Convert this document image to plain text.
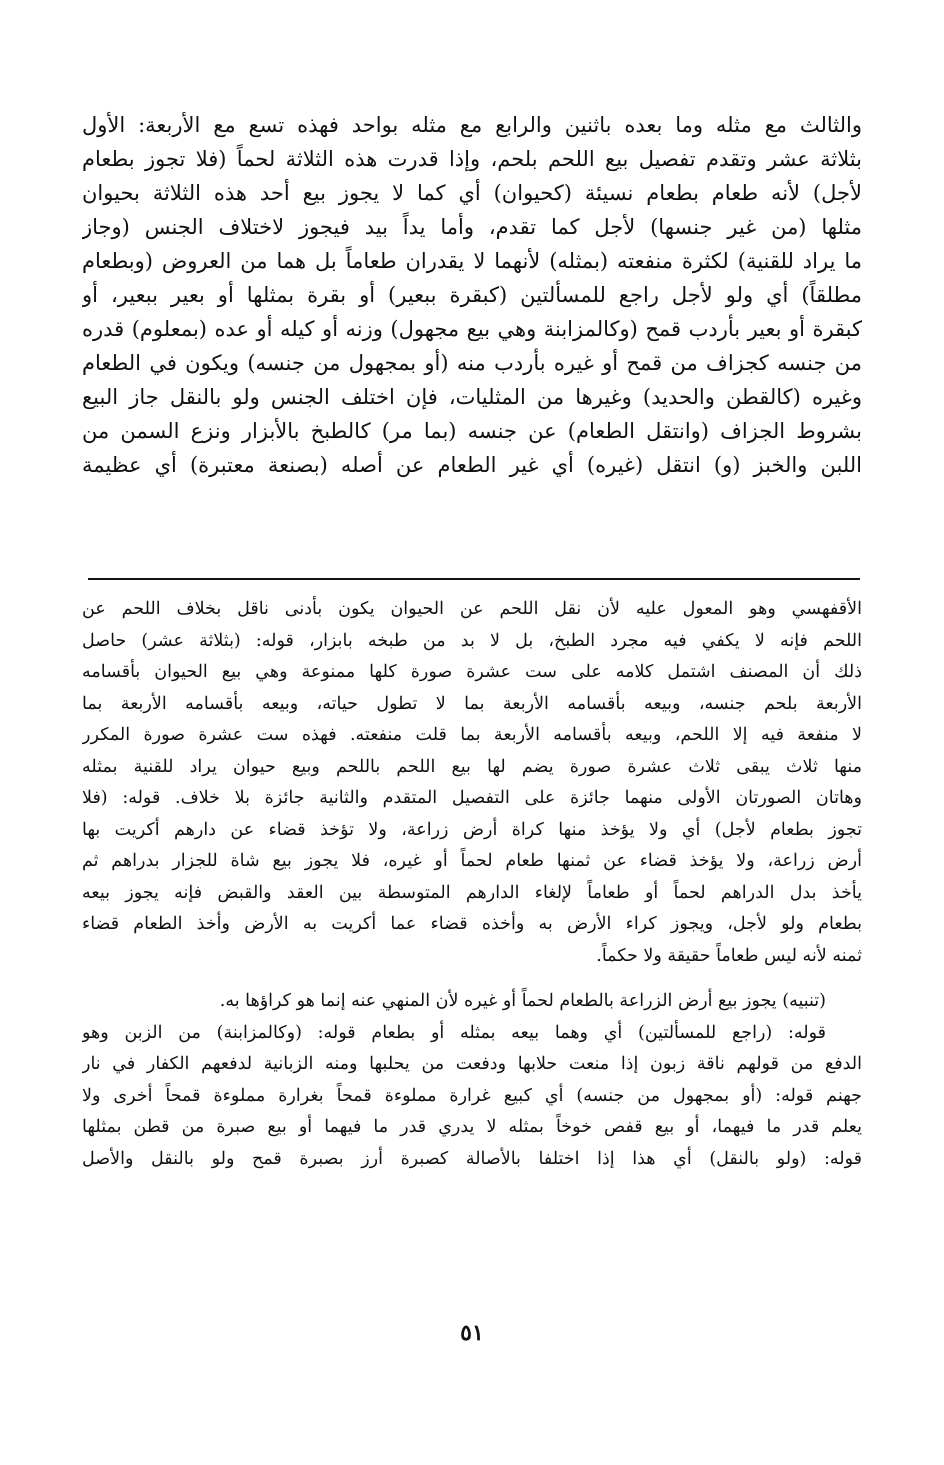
والثالث مع مثله وما بعده باثنين والرابع مع مثله بواحد فهذه تسع مع الأربعة: الأول
بثلاثة عشر وتقدم تفصيل بيع اللحم بلحم، وإذا قدرت هذه الثلاثة لحماً (فلا تجوز بطعام
لأجل) لأنه طعام بطعام نسيئة (كحيوان) أي كما لا يجوز بيع أحد هذه الثلاثة بحيوان
مثلها (من غير جنسها) لأجل كما تقدم، وأما يداً بيد فيجوز لاختلاف الجنس (وجاز
ما يراد للقنية) لكثرة منفعته (بمثله) لأنهما لا يقدران طعاماً بل هما من العروض (وبطعام
مطلقاً) أي ولو لأجل راجع للمسألتين (كبقرة ببعير) أو بقرة بمثلها أو بعير ببعير، أو
كبقرة أو بعير بأردب قمح (وكالمزابنة وهي بيع مجهول) وزنه أو كيله أو عده (بمعلوم) قدره
من جنسه كجزاف من قمح أو غيره بأردب منه (أو بمجهول من جنسه) ويكون في الطعام
وغيره (كالقطن والحديد) وغيرها من المثليات، فإن اختلف الجنس ولو بالنقل جاز البيع
بشروط الجزاف (وانتقل الطعام) عن جنسه (بما مر) كالطبخ بالأبزار ونزع السمن من
اللبن والخبز (و) انتقل (غيره) أي غير الطعام عن أصله (بصنعة معتبرة) أي عظيمة
الأقفهسي وهو المعول عليه لأن نقل اللحم عن الحيوان يكون بأدنى ناقل بخلاف اللحم عن
اللحم فإنه لا يكفي فيه مجرد الطبخ، بل لا بد من طبخه بابزار، قوله: (بثلاثة عشر) حاصل
ذلك أن المصنف اشتمل كلامه على ست عشرة صورة كلها ممنوعة وهي بيع الحيوان بأقسامه
الأربعة بلحم جنسه، وبيعه بأقسامه الأربعة بما لا تطول حياته، وبيعه بأقسامه الأربعة بما
لا منفعة فيه إلا اللحم، وبيعه بأقسامه الأربعة بما قلت منفعته. فهذه ست عشرة صورة المكرر
منها ثلاث يبقى ثلاث عشرة صورة يضم لها بيع اللحم باللحم وبيع حيوان يراد للقنية بمثله
وهاتان الصورتان الأولى منهما جائزة على التفصيل المتقدم والثانية جائزة بلا خلاف. قوله: (فلا
تجوز بطعام لأجل) أي ولا يؤخذ منها كراة أرض زراعة، ولا تؤخذ قضاء عن دارهم أكريت بها
أرض زراعة، ولا يؤخذ قضاء عن ثمنها طعام لحماً أو غيره، فلا يجوز بيع شاة للجزار بدراهم ثم
يأخذ بدل الدراهم لحماً أو طعاماً لإلغاء الدارهم المتوسطة بين العقد والقبض فإنه يجوز بيعه
بطعام ولو لأجل، ويجوز كراء الأرض به وأخذه قضاء عما أكريت به الأرض وأخذ الطعام قضاء
ثمنه لأنه ليس طعاماً حقيقة ولا حكماً.
(تنبيه) يجوز بيع أرض الزراعة بالطعام لحماً أو غيره لأن المنهي عنه إنما هو كراؤها به.
قوله: (راجع للمسألتين) أي وهما بيعه بمثله أو بطعام قوله: (وكالمزابنة) من الزبن وهو
الدفع من قولهم ناقة زبون إذا منعت حلابها ودفعت من يحلبها ومنه الزبانية لدفعهم الكفار في نار
جهنم قوله: (أو بمجهول من جنسه) أي كبيع غرارة مملوءة قمحاً بغرارة مملوءة قمحاً أخرى ولا
يعلم قدر ما فيهما، أو بيع قفص خوخاً بمثله لا يدري قدر ما فيهما أو بيع صبرة من قطن بمثلها
قوله: (ولو بالنقل) أي هذا إذا اختلفا بالأصالة كصبرة أرز بصبرة قمح ولو بالنقل والأصل
٥١
